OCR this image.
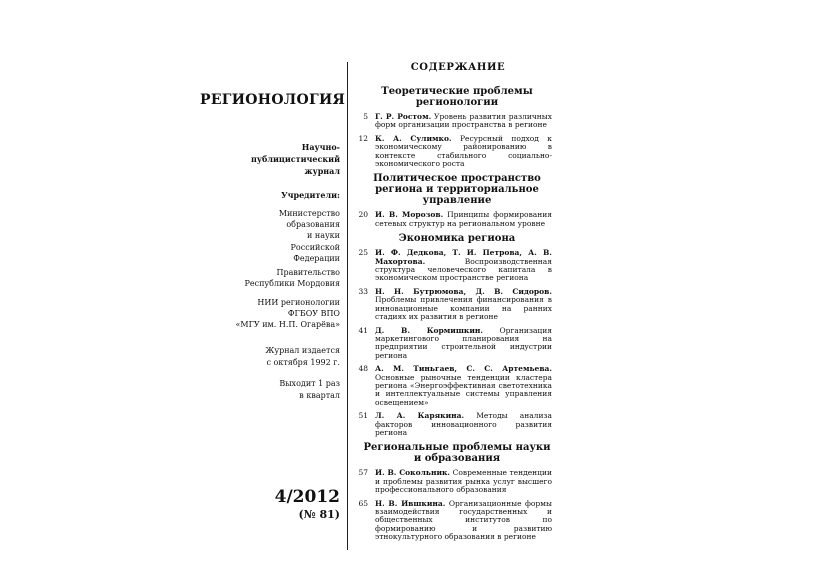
РЕГИОНОЛОГИЯ
Научно-
публицистический
журнал
Учредители:
Министерство
образования
и науки
Российской
Федерации
Правительство
Республики Мордовия
НИИ регионологии
ФГБОУ ВПО
«МГУ им. Н.П. Огарёва»
Журнал издается
с октября 1992 г.
Выходит 1 раз
в квартал
4/2012
(№ 81)
СОДЕРЖАНИЕ
Теоретические проблемы регионологии
5 Г. Р. Ростом. Уровень развития различных форм организации пространства в регионе
12 К. А. Сулимко. Ресурсный подход к экономическому районированию в контексте стабильного социально-экономического роста
Политическое пространство региона и территориальное управление
20 И. В. Морозов. Принципы формирования сетевых структур на региональном уровне
Экономика региона
25 И. Ф. Дедкова, Т. И. Петрова, А. В. Махортова. Воспроизводственная структура человеческого капитала в экономическом пространстве региона
33 Н. Н. Бутрюмова, Д. В. Сидоров. Проблемы привлечения финансирования в инновационные компании на ранних стадиях их развития в регионе
41 Д. В. Кормишкин. Организация маркетингового планирования на предприятии строительной индустрии региона
48 А. М. Тиньгаев, С. С. Артемьева. Основные рыночные тенденции кластера региона «Энергоэффективная светотехника и интеллектуальные системы управления освещением»
51 Л. А. Карякина. Методы анализа факторов инновационного развития региона
Региональные проблемы науки и образования
57 И. В. Сокольник. Современные тенденции и проблемы развития рынка услуг высшего профессионального образования
65 Н. В. Ившкина. Организационные формы взаимодействия государственных и общественных институтов по формированию и развитию этнокультурного образования в регионе
